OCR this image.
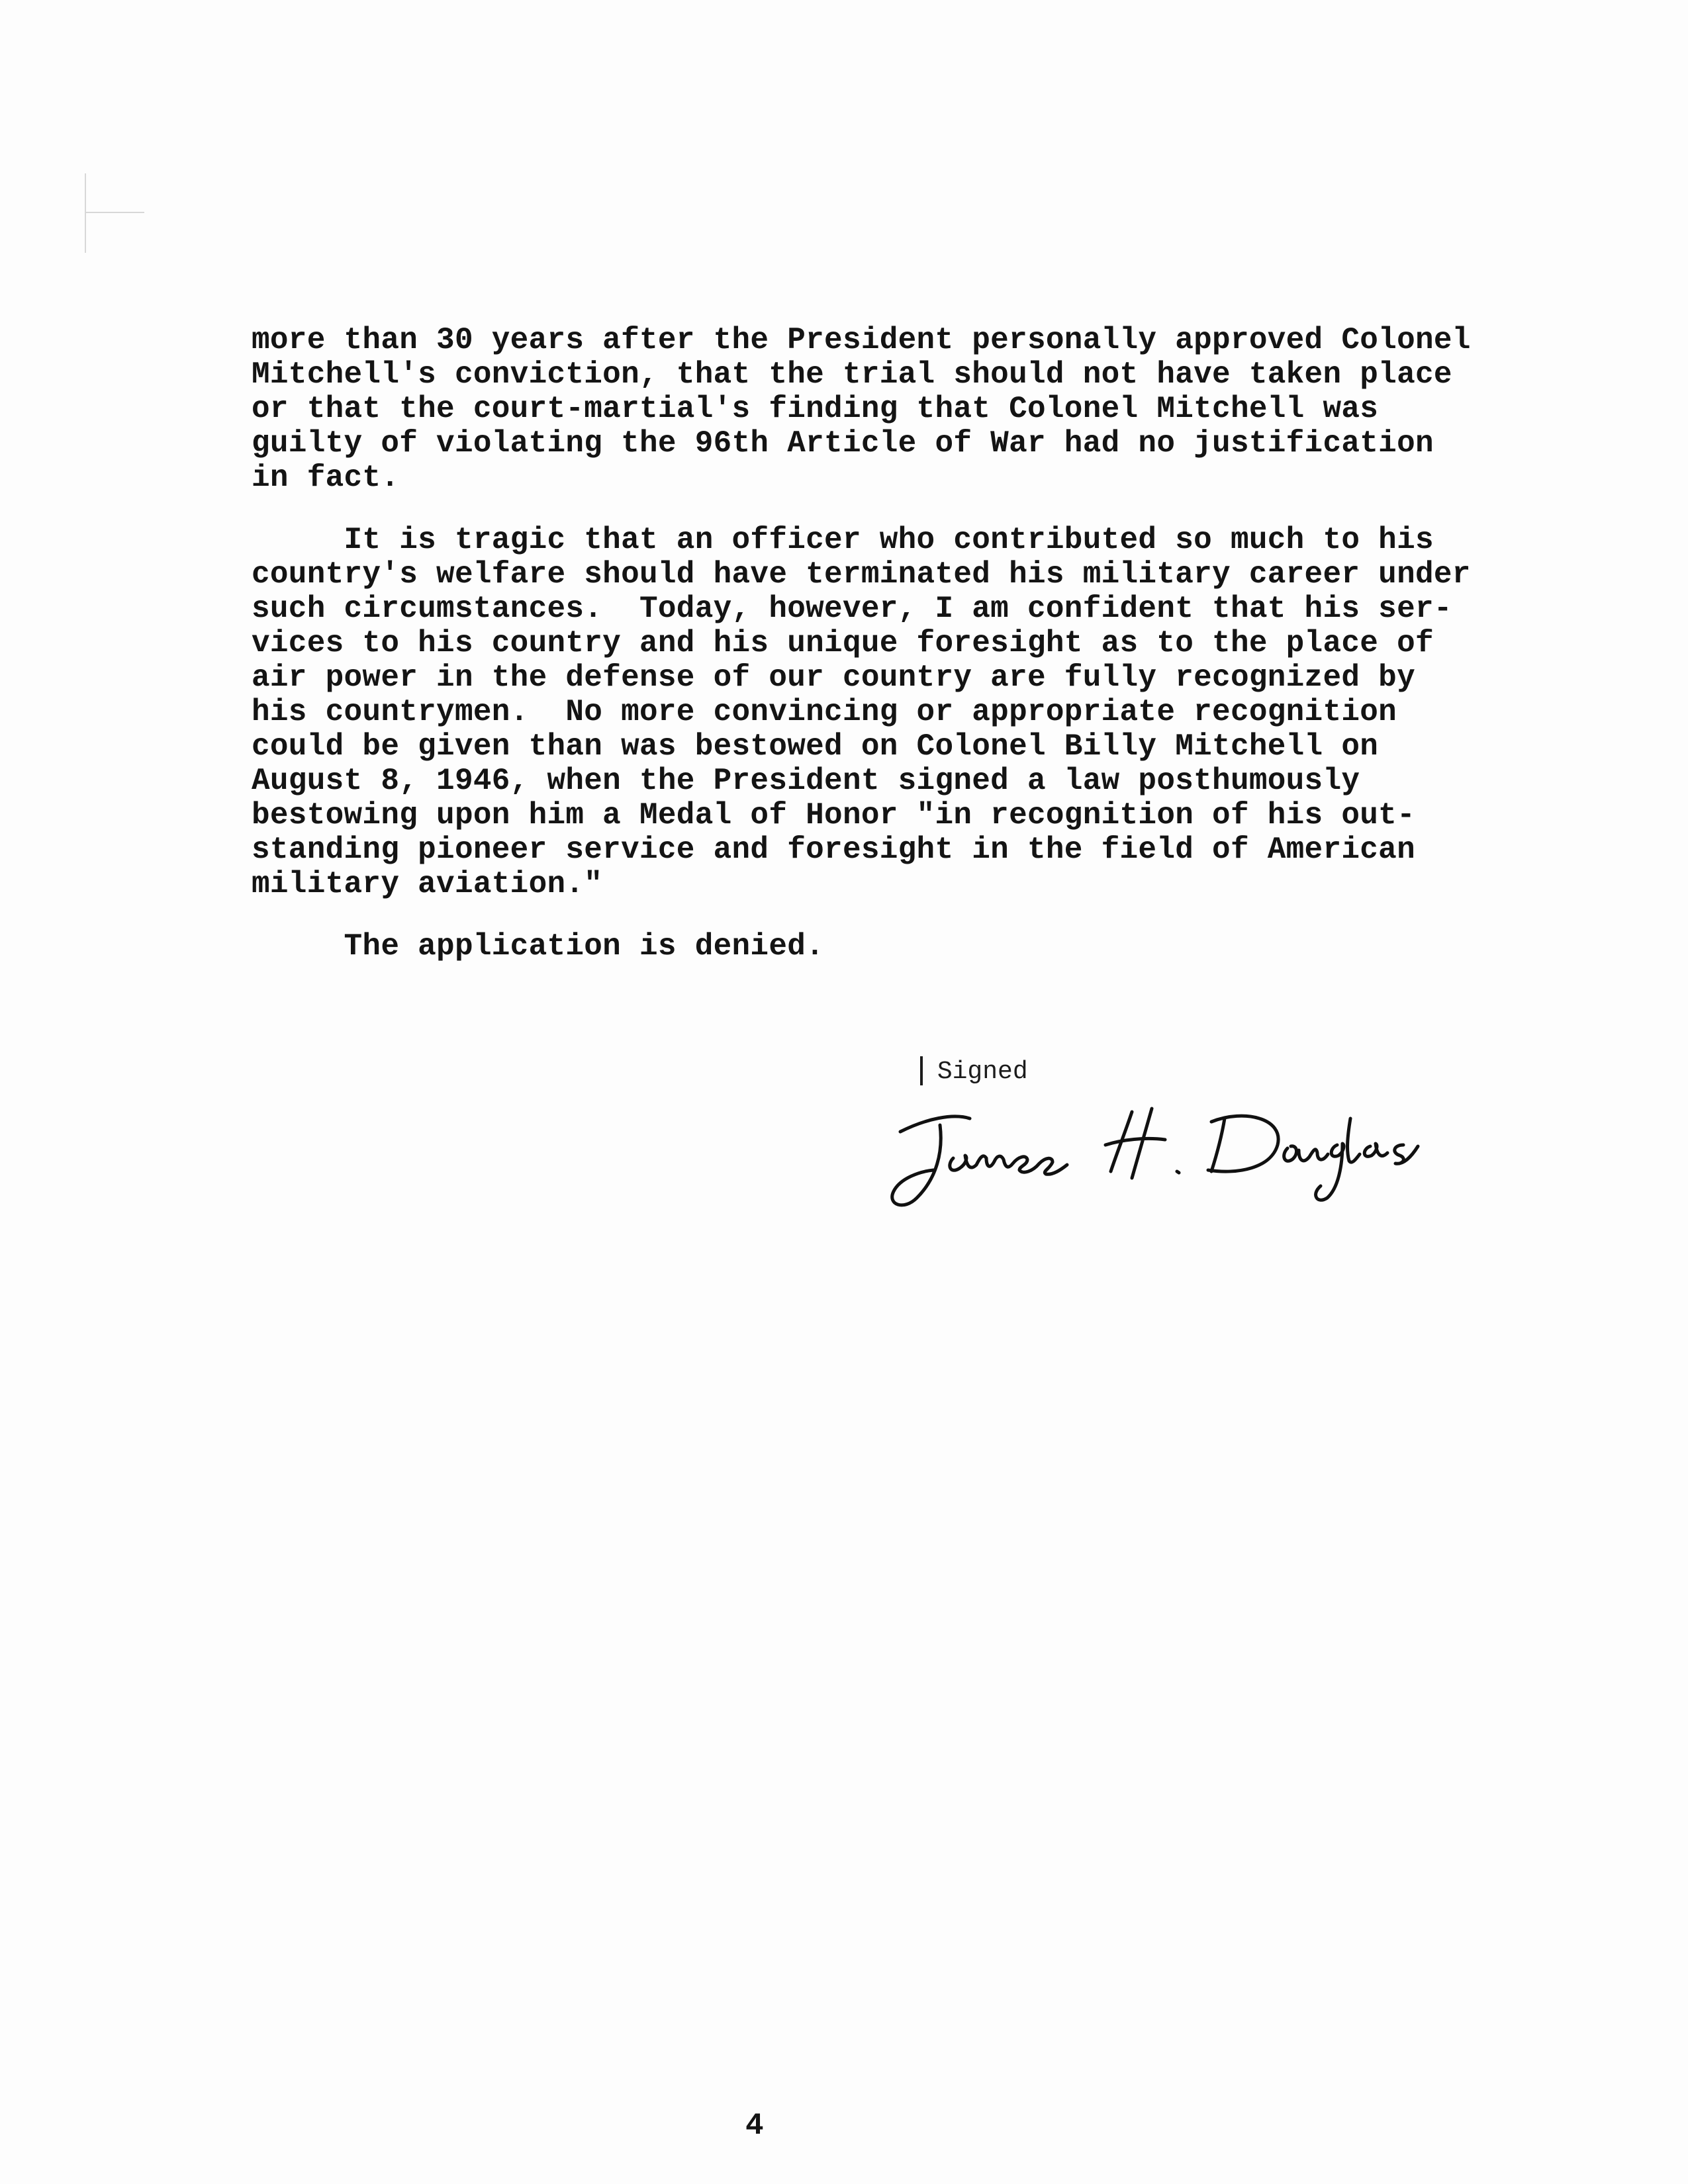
more than 30 years after the President personally approved Colonel
Mitchell's conviction, that the trial should not have taken place
or that the court-martial's finding that Colonel Mitchell was
guilty of violating the 96th Article of War had no justification
in fact.
It is tragic that an officer who contributed so much to his
country's welfare should have terminated his military career under
such circumstances.  Today, however, I am confident that his ser-
vices to his country and his unique foresight as to the place of
air power in the defense of our country are fully recognized by
his countrymen.  No more convincing or appropriate recognition
could be given than was bestowed on Colonel Billy Mitchell on
August 8, 1946, when the President signed a law posthumously
bestowing upon him a Medal of Honor "in recognition of his out-
standing pioneer service and foresight in the field of American
military aviation."
The application is denied.
Signed
4
